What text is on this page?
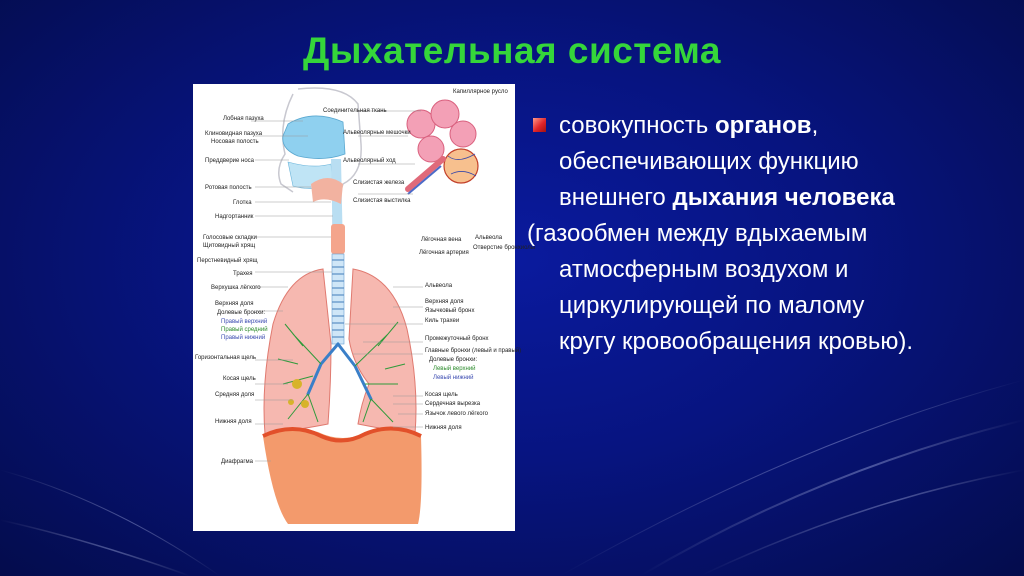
Дыхательная система
Лобная пазуха
Клиновидная пазуха
Носовая полость
Преддверие носа
Ротовая полость
Глотка
Надгортанник
Голосовые складки
Щитовидный хрящ
Перстневидный хрящ
Трахея
Верхушка лёгкого
Верхняя доля
Долевые бронхи:
Правый верхний
Правый средний
Правый нижний
Горизонтальная щель
Косая щель
Средняя доля
Нижняя доля
Диафрагма
Соединительная ткань
Альвеолярные мешочки
Альвеолярный ход
Слизистая железа
Слизистая выстилка
Лёгочная вена
Лёгочная артерия
Альвеола
Отверстие бронхиолы
Капиллярное русло
Альвеола
Верхняя доля
Язычковый бронх
Киль трахеи
Промежуточный бронх
Главные бронхи (левый и правый)
Долевые бронхи:
Левый верхний
Левый нижний
Косая щель
Сердечная вырезка
Язычок левого лёгкого
Нижняя доля
совокупность органов,
обеспечивающих функцию
внешнего дыхания человека
(газообмен между вдыхаемым
атмосферным воздухом и
циркулирующей по малому
кругу кровообращения кровью).
